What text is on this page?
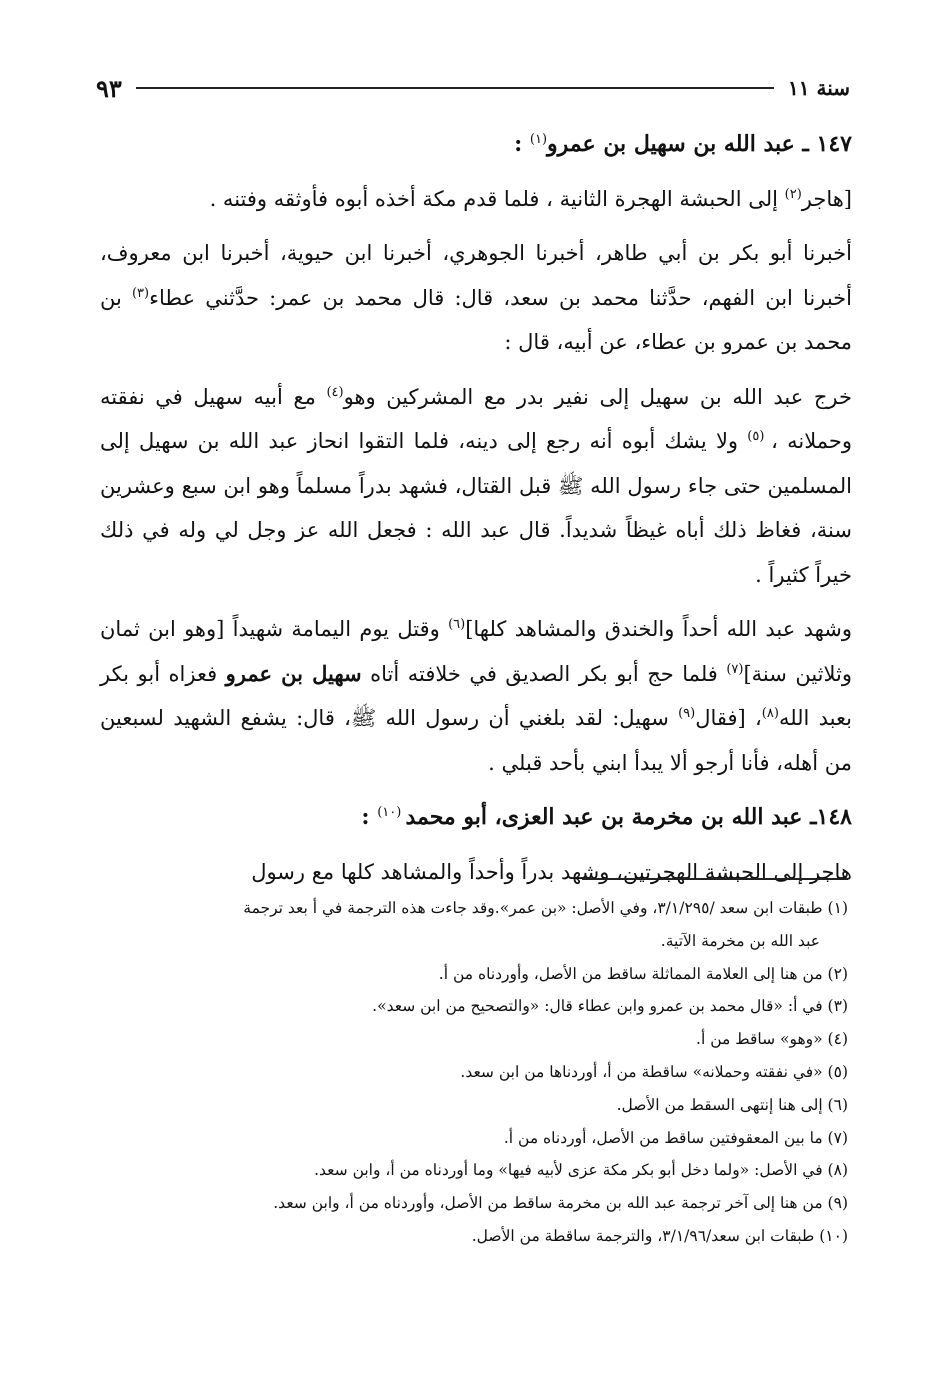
سنة ١١
٩٣

١٤٧ ـ عبد الله بن سهيل بن عمرو$^{(١)}$ :

[هاجر$^{(٢)}$ إلى الحبشة الهجرة الثانية ، فلما قدم مكة أخذه أبوه فأوثقه وفتنه .

أخبرنا أبو بكر بن أبي طاهر، أخبرنا الجوهري، أخبرنا ابن حيوية، أخبرنا ابن معروف، أخبرنا ابن الفهم، حدَّثنا محمد بن سعد، قال: قال محمد بن عمر: حدَّثني عطاء$^{(٣)}$ بن محمد بن عمرو بن عطاء، عن أبيه، قال :

خرج عبد الله بن سهيل إلى نفير بدر مع المشركين وهو$^{(٤)}$ مع أبيه سهيل في نفقته وحملانه ، $^{(٥)}$ ولا يشك أبوه أنه رجع إلى دينه، فلما التقوا انحاز عبد الله بن سهيل إلى المسلمين حتى جاء رسول الله ﷺ قبل القتال، فشهد بدراً مسلماً وهو ابن سبع وعشرين سنة، فغاظ ذلك أباه غيظاً شديداً. قال عبد الله : فجعل الله عز وجل لي وله في ذلك خيراً كثيراً .

وشهد عبد الله أحداً والخندق والمشاهد كلها]$^{(٦)}$ وقتل يوم اليمامة شهيداً [وهو ابن ثمان وثلاثين سنة]$^{(٧)}$ فلما حج أبو بكر الصديق في خلافته أتاه سهيل بن عمرو فعزاه أبو بكر بعبد الله$^{(٨)}$، [فقال$^{(٩)}$ سهيل: لقد بلغني أن رسول الله ﷺ، قال: يشفع الشهيد لسبعين من أهله، فأنا أرجو ألا يبدأ ابني بأحد قبلي .

١٤٨ـ عبد الله بن مخرمة بن عبد العزى، أبو محمد $^{(١٠)}$ :

هاجر إلى الحبشة الهجرتين، وشهد بدراً وأحداً والمشاهد كلها مع رسول

(١) طبقات ابن سعد /٣/١/٢٩٥، وفي الأصل: «بن عمر».وقد جاءت هذه الترجمة في أ بعد ترجمة

عبد الله بن مخرمة الآتية.

(٢) من هنا إلى العلامة المماثلة ساقط من الأصل، وأوردناه من أ.

(٣) في أ: «قال محمد بن عمرو وابن عطاء قال: «والتصحيح من ابن سعد».

(٤) «وهو» ساقط من أ.

(٥) «في نفقته وحملانه» ساقطة من أ، أوردناها من ابن سعد.

(٦) إلى هنا إنتهى السقط من الأصل.

(٧) ما بين المعقوفتين ساقط من الأصل، أوردناه من أ.

(٨) في الأصل: «ولما دخل أبو بكر مكة عزى لأبيه فيها» وما أوردناه من أ، وابن سعد.

(٩) من هنا إلى آخر ترجمة عبد الله بن مخرمة ساقط من الأصل، وأوردناه من أ، وابن سعد.

(١٠) طبقات ابن سعد/٣/١/٩٦، والترجمة ساقطة من الأصل.
